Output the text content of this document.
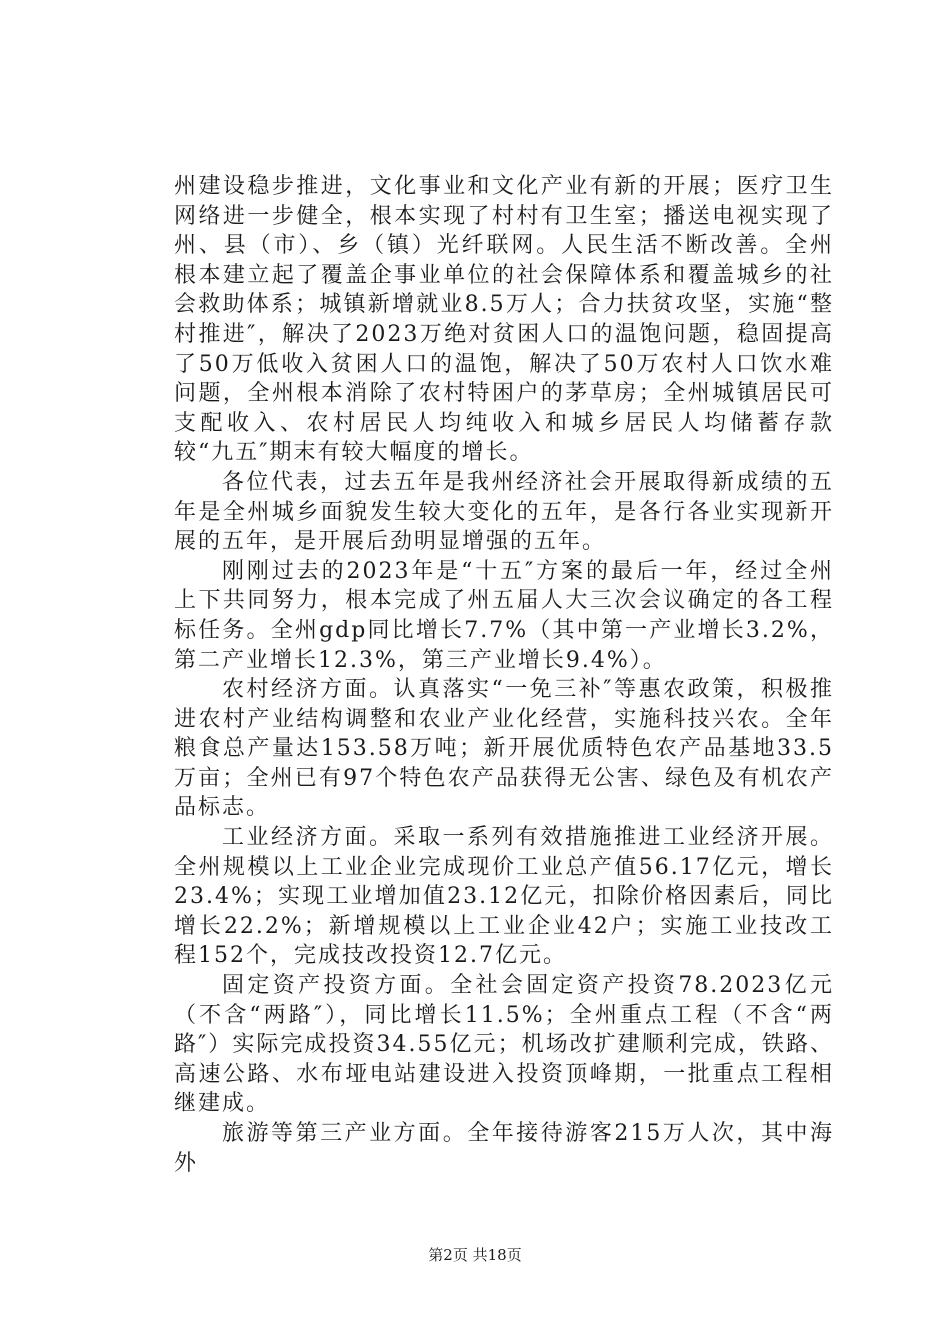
州建设稳步推进，文化事业和文化产业有新的开展；医疗卫生网络进一步健全，根本实现了村村有卫生室；播送电视实现了州、县（市）、乡（镇）光纤联网。人民生活不断改善。全州根本建立起了覆盖企事业单位的社会保障体系和覆盖城乡的社会救助体系；城镇新增就业8.5万人；合力扶贫攻坚，实施“整村推进″，解决了2023万绝对贫困人口的温饱问题，稳固提高了50万低收入贫困人口的温饱，解决了50万农村人口饮水难问题，全州根本消除了农村特困户的茅草房；全州城镇居民可支配收入、农村居民人均纯收入和城乡居民人均储蓄存款较“九五″期末有较大幅度的增长。

各位代表，过去五年是我州经济社会开展取得新成绩的五年是全州城乡面貌发生较大变化的五年，是各行各业实现新开展的五年，是开展后劲明显增强的五年。

刚刚过去的2023年是“十五″方案的最后一年，经过全州上下共同努力，根本完成了州五届人大三次会议确定的各工程标任务。全州gdp同比增长7.7%（其中第一产业增长3.2%，第二产业增长12.3%，第三产业增长9.4%）。

农村经济方面。认真落实“一免三补″等惠农政策，积极推进农村产业结构调整和农业产业化经营，实施科技兴农。全年粮食总产量达153.58万吨；新开展优质特色农产品基地33.5万亩；全州已有97个特色农产品获得无公害、绿色及有机农产品标志。

工业经济方面。采取一系列有效措施推进工业经济开展。全州规模以上工业企业完成现价工业总产值56.17亿元，增长23.4%；实现工业增加值23.12亿元，扣除价格因素后，同比增长22.2%；新增规模以上工业企业42户；实施工业技改工程152个，完成技改投资12.7亿元。

固定资产投资方面。全社会固定资产投资78.2023亿元（不含“两路″），同比增长11.5%；全州重点工程（不含“两路″）实际完成投资34.55亿元；机场改扩建顺利完成，铁路、高速公路、水布垭电站建设进入投资顶峰期，一批重点工程相继建成。

旅游等第三产业方面。全年接待游客215万人次，其中海外

第2页 共18页
